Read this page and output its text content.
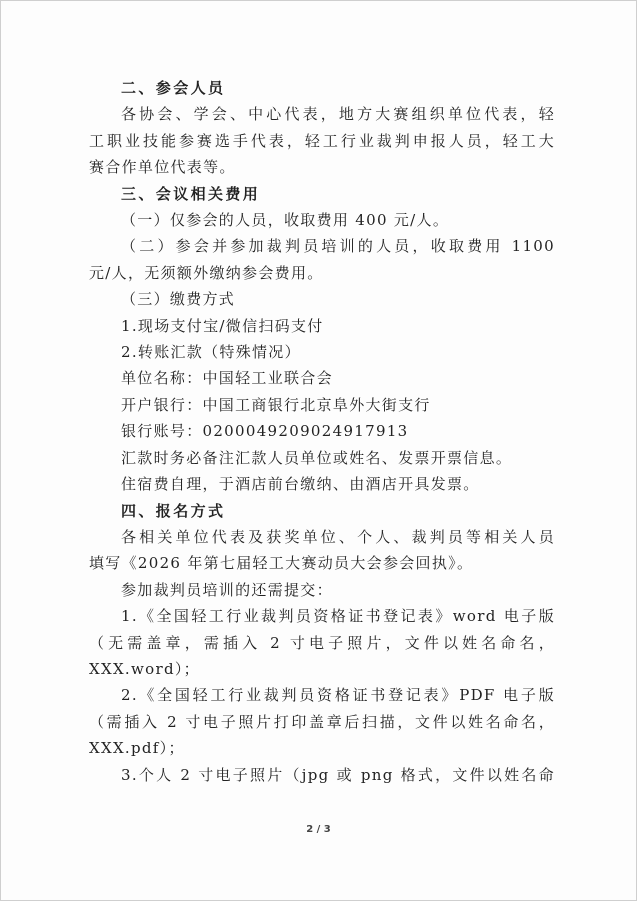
二、参会人员
各协会、学会、中心代表，地方大赛组织单位代表，轻
工职业技能参赛选手代表，轻工行业裁判申报人员，轻工大
赛合作单位代表等。
三、会议相关费用
（一）仅参会的人员，收取费用 400 元/人。
（二）参会并参加裁判员培训的人员，收取费用 1100
元/人，无须额外缴纳参会费用。
（三）缴费方式
1.现场支付宝/微信扫码支付
2.转账汇款（特殊情况）
单位名称：中国轻工业联合会
开户银行：中国工商银行北京阜外大街支行
银行账号：0200049209024917913
汇款时务必备注汇款人员单位或姓名、发票开票信息。
住宿费自理，于酒店前台缴纳、由酒店开具发票。
四、报名方式
各相关单位代表及获奖单位、个人、裁判员等相关人员
填写《2026 年第七届轻工大赛动员大会参会回执》。
参加裁判员培训的还需提交：
1.《全国轻工行业裁判员资格证书登记表》word 电子版
（无需盖章，需插入 2 寸电子照片，文件以姓名命名，
XXX.word）；
2.《全国轻工行业裁判员资格证书登记表》PDF 电子版
（需插入 2 寸电子照片打印盖章后扫描，文件以姓名命名，
XXX.pdf）；
3.个人 2 寸电子照片（jpg 或 png 格式，文件以姓名命
2 / 3
